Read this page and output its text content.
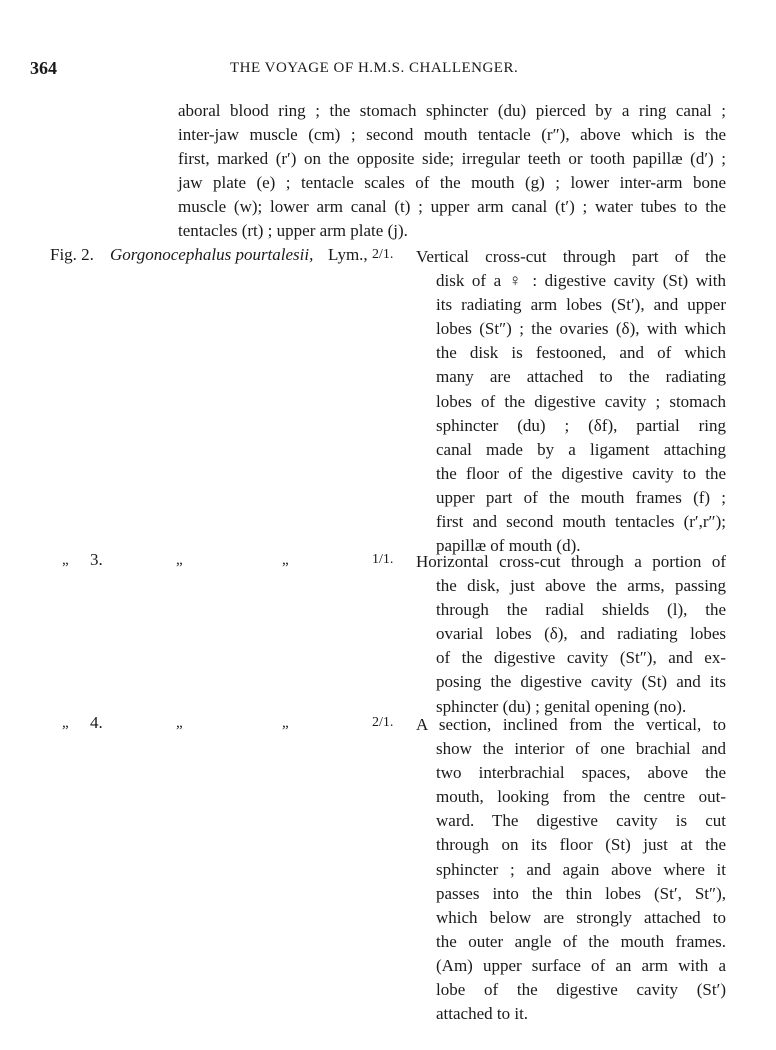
364	THE VOYAGE OF H.M.S. CHALLENGER.
aboral blood ring ; the stomach sphincter (du) pierced by a ring canal ;
inter-jaw muscle (cm) ; second mouth tentacle (r″), above which is the
first, marked (r′) on the opposite side; irregular teeth or tooth papillæ (d′) ;
jaw plate (e) ; tentacle scales of the mouth (g) ; lower inter-arm bone
muscle (w); lower arm canal (t) ; upper arm canal (t′) ; water tubes to the
tentacles (rt) ; upper arm plate (j).
Fig. 2. Gorgonocephalus pourtalesii, Lym., 2/1. Vertical cross-cut through part of the
disk of a ♀ : digestive cavity (St) with
its radiating arm lobes (St′), and upper
lobes (St″) ; the ovaries (δ), with which
the disk is festooned, and of which
many are attached to the radiating
lobes of the digestive cavity ; stomach
sphincter (du) ; (δf), partial ring
canal made by a ligament attaching
the floor of the digestive cavity to the
upper part of the mouth frames (f) ;
first and second mouth tentacles (r′,r″);
papillæ of mouth (d).
„ 3.	„	„	1/1. Horizontal cross-cut through a portion of
the disk, just above the arms, passing
through the radial shields (l), the
ovarial lobes (δ), and radiating lobes
of the digestive cavity (St″), and ex-
posing the digestive cavity (St) and its
sphincter (du) ; genital opening (no).
„ 4.	„	„	2/1. A section, inclined from the vertical, to
show the interior of one brachial and
two interbrachial spaces, above the
mouth, looking from the centre out-
ward. The digestive cavity is cut
through on its floor (St) just at the
sphincter ; and again above where it
passes into the thin lobes (St′, St″),
which below are strongly attached to
the outer angle of the mouth frames.
(Am) upper surface of an arm with a
lobe of the digestive cavity (St′)
attached to it.
